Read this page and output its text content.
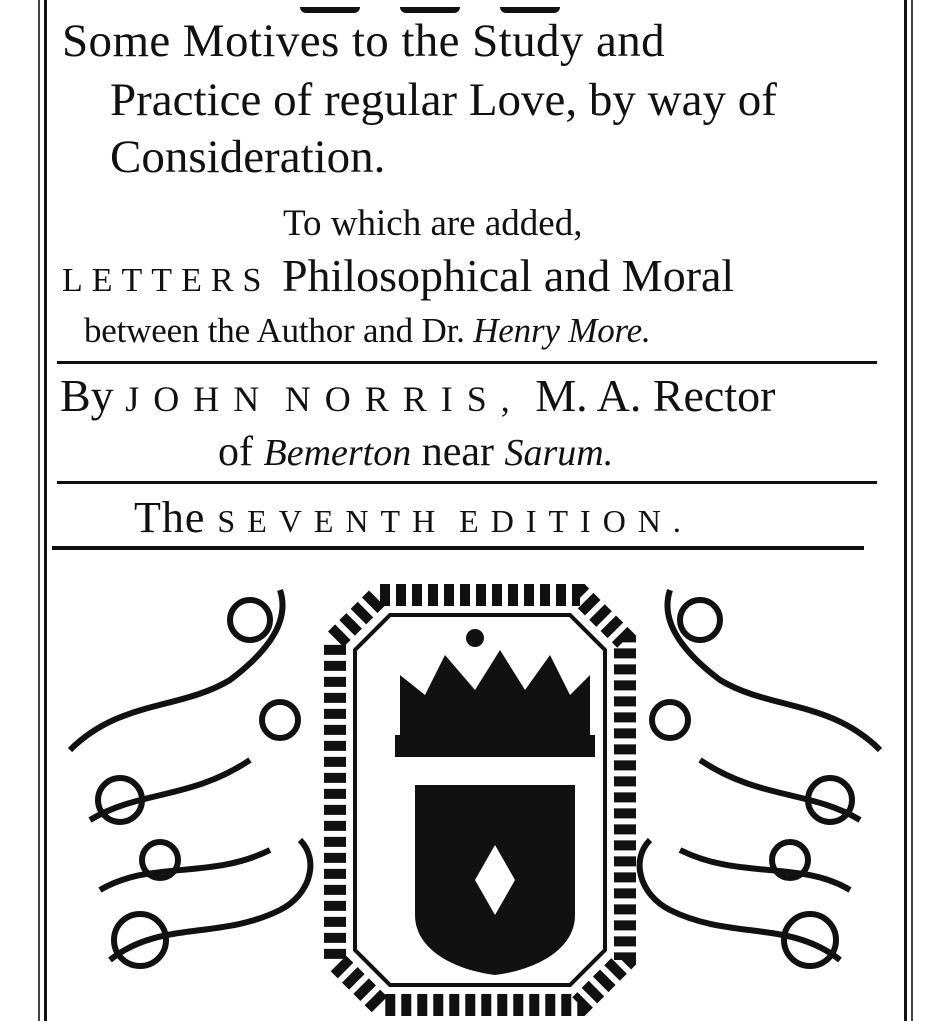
Some Motives to the Study and
Practice of regular Love, by way of
Consideration.
To which are added,
LETTERS Philosophical and Moral
between the Author and Dr. Henry More.
By JOHN NORRIS, M. A. Rector
of Bemerton near Sarum.
The SEVENTH EDITION.
